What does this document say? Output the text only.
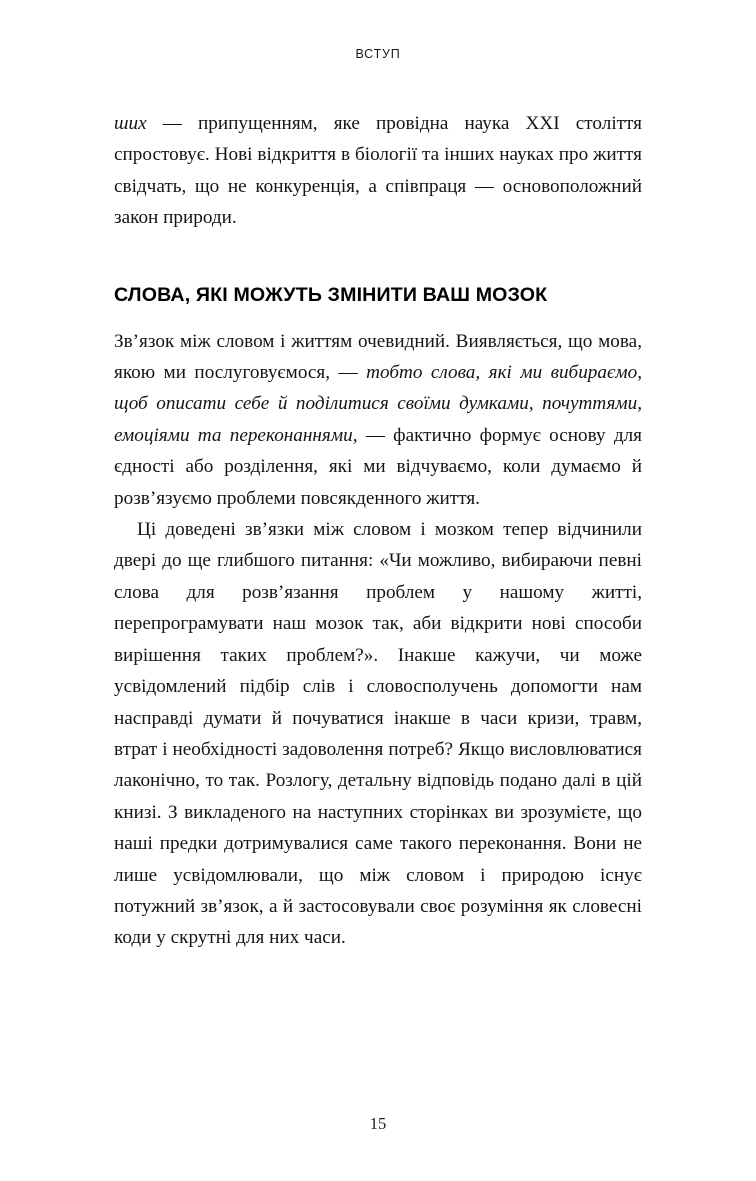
ВСТУП

ших — припущенням, яке провідна наука XXI століття спростовує. Нові відкриття в біології та інших науках про життя свідчать, що не конкуренція, а співпраця — основоположний закон природи.

СЛОВА, ЯКІ МОЖУТЬ ЗМІНИТИ ВАШ МОЗОК

Зв’язок між словом і життям очевидний. Виявляється, що мова, якою ми послуговуємося, — тобто слова, які ми вибираємо, щоб описати себе й поділитися своїми думками, почуттями, емоціями та переконаннями, — фактично формує основу для єдності або розділення, які ми відчуваємо, коли думаємо й розв’язуємо проблеми повсякденного життя.

Ці доведені зв’язки між словом і мозком тепер відчинили двері до ще глибшого питання: «Чи можливо, вибираючи певні слова для розв’язання проблем у нашому житті, перепрограмувати наш мозок так, аби відкрити нові способи вирішення таких проблем?». Інакше кажучи, чи може усвідомлений підбір слів і словосполучень допомогти нам насправді думати й почуватися інакше в часи кризи, травм, втрат і необхідності задоволення потреб? Якщо висловлюватися лаконічно, то так. Розлогу, детальну відповідь подано далі в цій книзі. З викладеного на наступних сторінках ви зрозумієте, що наші предки дотримувалися саме такого переконання. Вони не лише усвідомлювали, що між словом і природою існує потужний зв’язок, а й застосовували своє розуміння як словесні коди у скрутні для них часи.

15
